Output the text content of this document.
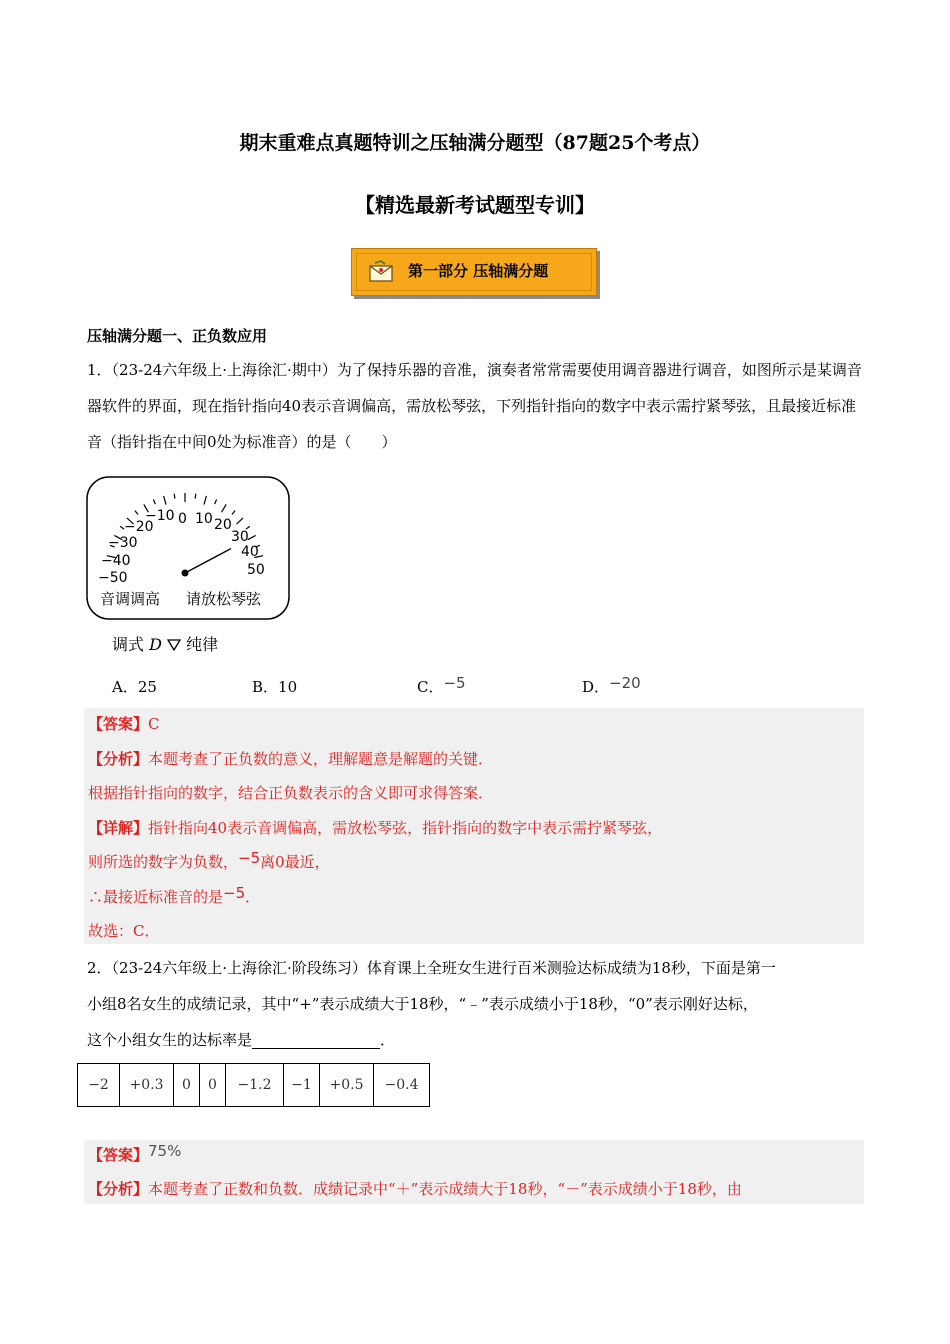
期末重难点真题特训之压轴满分题型（87题25个考点）
【精选最新考试题型专训】
第一部分 压轴满分题
压轴满分题一、正负数应用
1．（23-24六年级上·上海徐汇·期中）为了保持乐器的音准，演奏者常常需要使用调音器进行调音，如图所示是某调音器软件的界面，现在指针指向40表示音调偏高，需放松琴弦，下列指针指向的数字中表示需拧紧琴弦，且最接近标准音（指针指在中间0处为标准音）的是（　　）
−50
−40
−30
−20
−10 0 10 20
30
40
50
音调调高 请放松琴弦
调式 D 纯律
A．25	B．10	C．−5	D．−20
【答案】C
【分析】本题考查了正负数的意义，理解题意是解题的关键．
根据指针指向的数字，结合正负数表示的含义即可求得答案．
【详解】指针指向40表示音调偏高，需放松琴弦，指针指向的数字中表示需拧紧琴弦，
则所选的数字为负数，−5离0最近，
∴最接近标准音的是−5．
故选：C．
2．（23-24六年级上·上海徐汇·阶段练习）体育课上全班女生进行百米测验达标成绩为18秒，下面是第一
小组8名女生的成绩记录，其中“+”表示成绩大于18秒，“﹣”表示成绩小于18秒，“0”表示刚好达标，
这个小组女生的达标率是	．
−2	+0.3	0	0	−1.2	−1	+0.5	−0.4
【答案】75%
【分析】本题考查了正数和负数．成绩记录中“＋”表示成绩大于18秒，“－”表示成绩小于18秒，由
